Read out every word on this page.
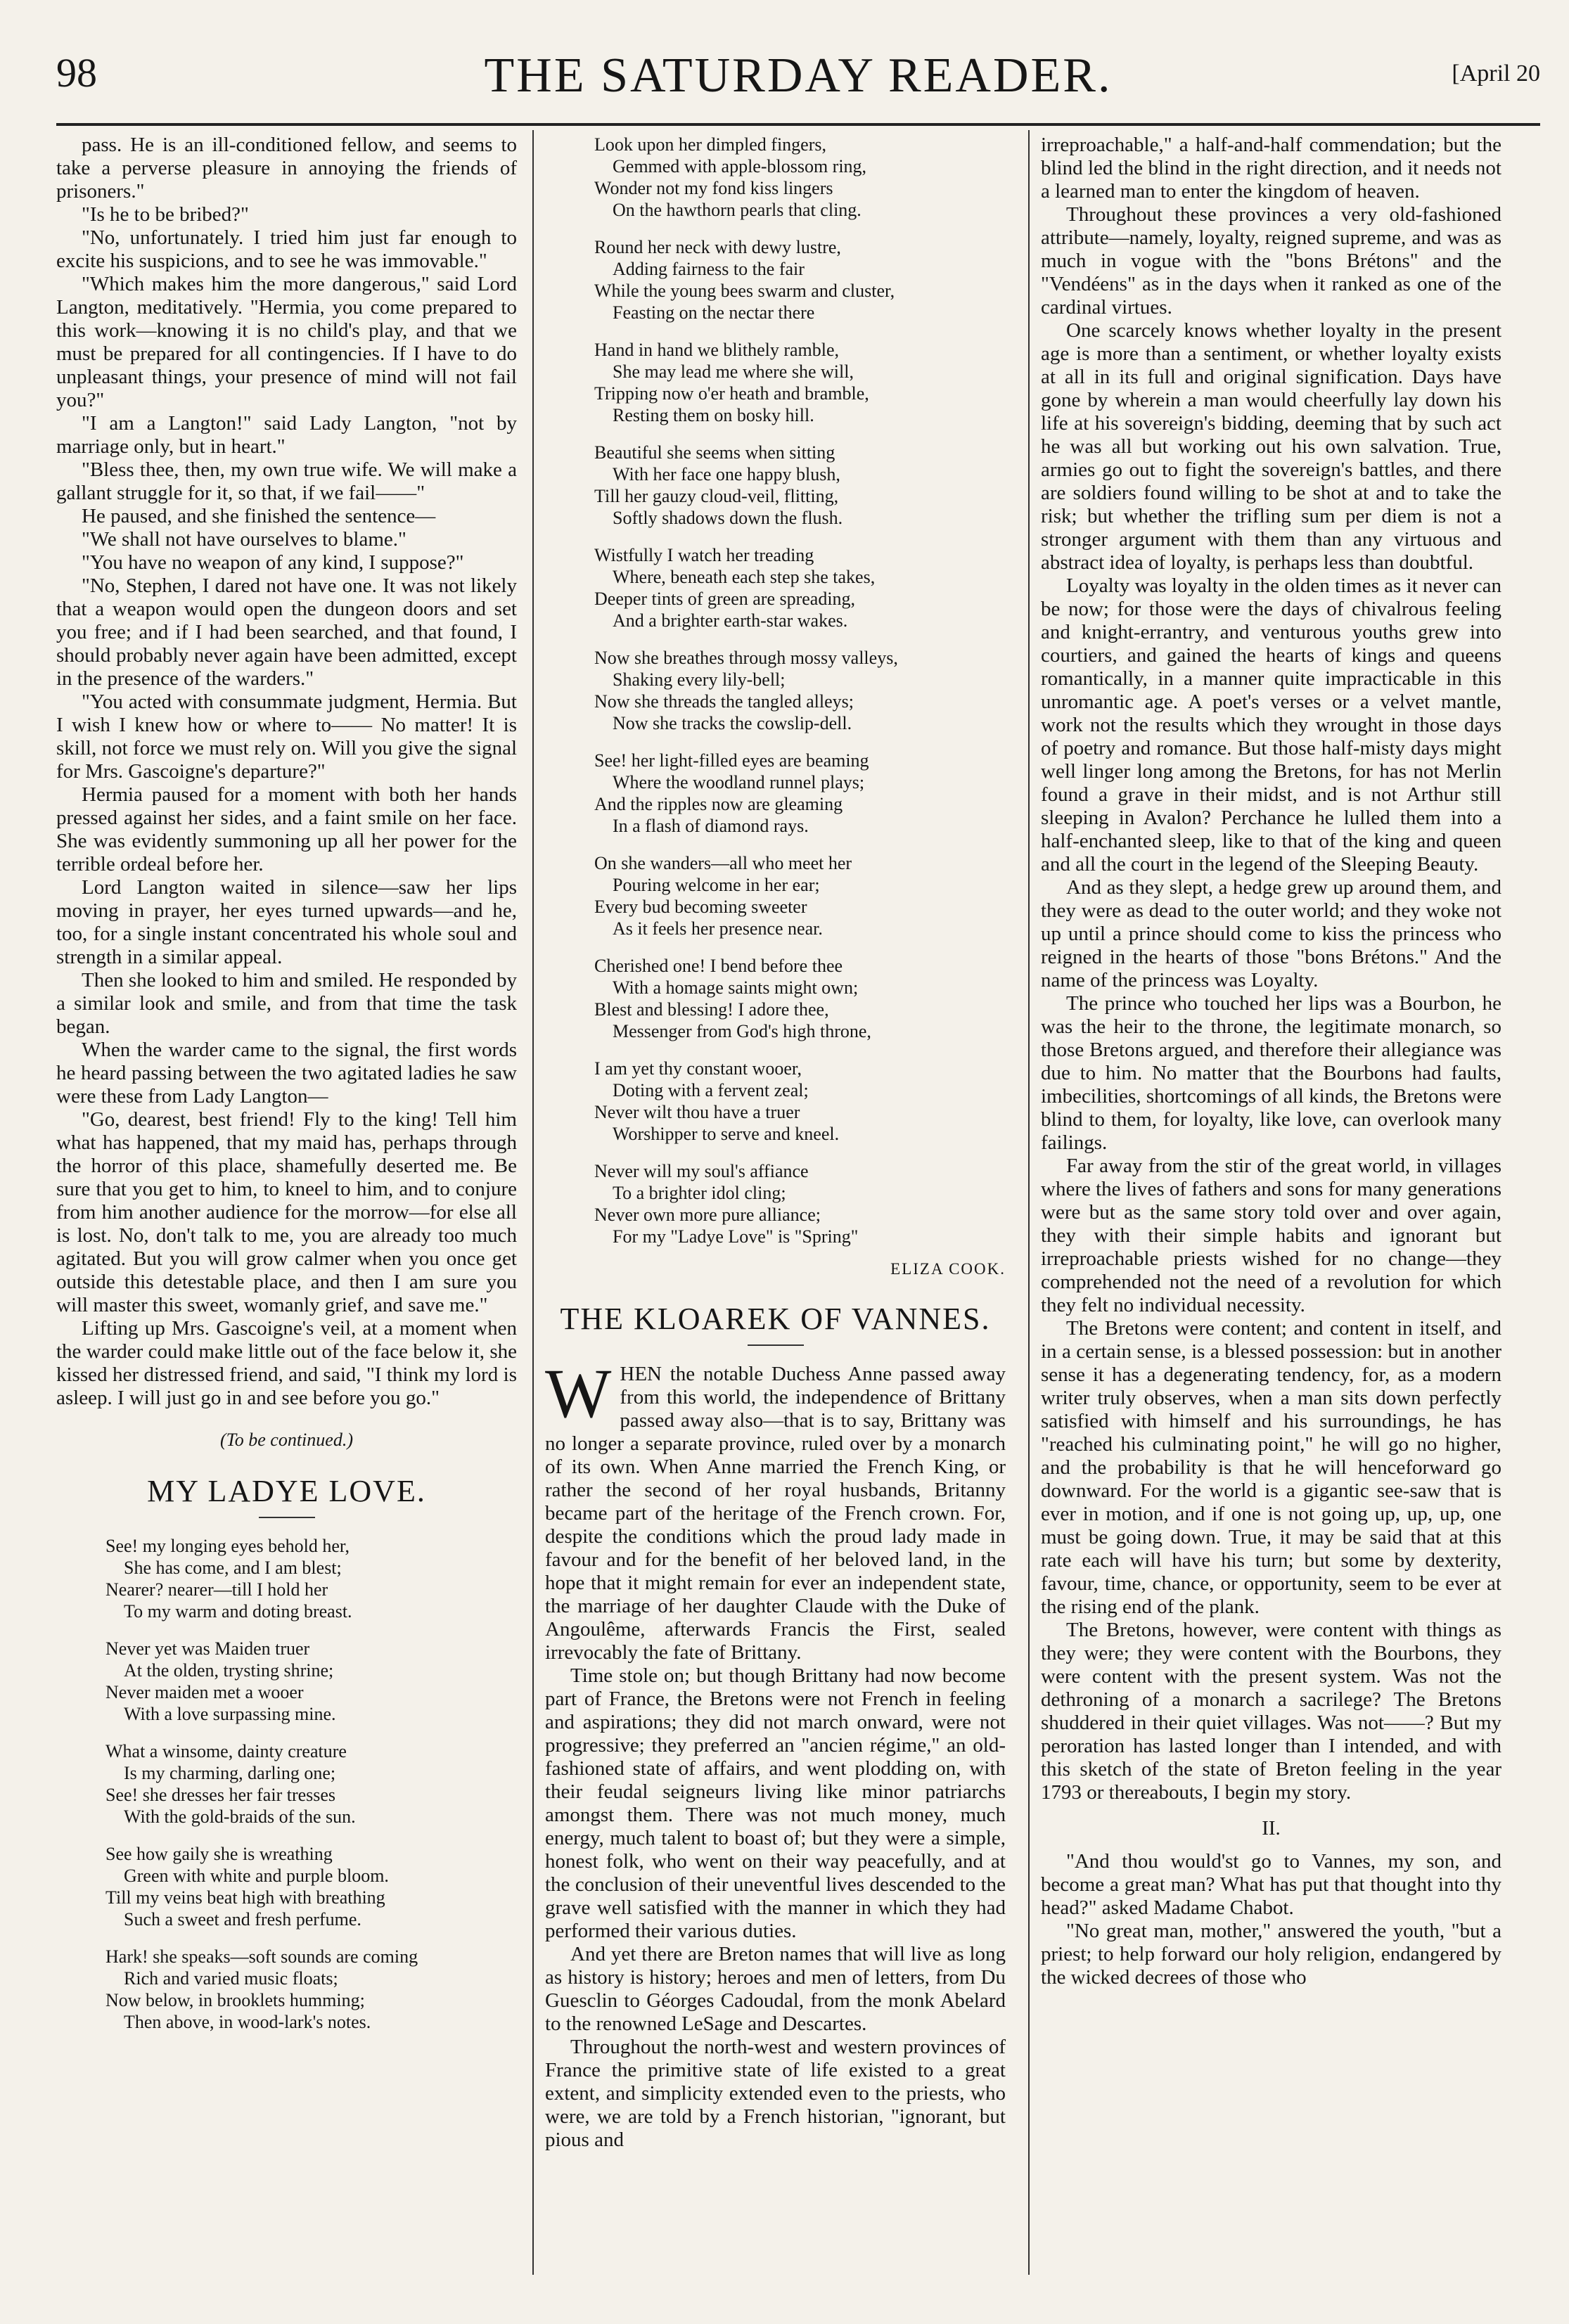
98	THE SATURDAY READER.	[April 20

pass. He is an ill-conditioned fellow, and seems to take a perverse pleasure in annoying the friends of prisoners."

"Is he to be bribed?"

"No, unfortunately. I tried him just far enough to excite his suspicions, and to see he was immovable."

"Which makes him the more dangerous," said Lord Langton, meditatively. "Hermia, you come prepared to this work—knowing it is no child's play, and that we must be prepared for all contingencies. If I have to do unpleasant things, your presence of mind will not fail you?"

"I am a Langton!" said Lady Langton, "not by marriage only, but in heart."

"Bless thee, then, my own true wife. We will make a gallant struggle for it, so that, if we fail——"

He paused, and she finished the sentence—

"We shall not have ourselves to blame."

"You have no weapon of any kind, I suppose?"

"No, Stephen, I dared not have one. It was not likely that a weapon would open the dungeon doors and set you free; and if I had been searched, and that found, I should probably never again have been admitted, except in the presence of the warders."

"You acted with consummate judgment, Hermia. But I wish I knew how or where to—— No matter! It is skill, not force we must rely on. Will you give the signal for Mrs. Gascoigne's departure?"

Hermia paused for a moment with both her hands pressed against her sides, and a faint smile on her face. She was evidently summoning up all her power for the terrible ordeal before her.

Lord Langton waited in silence—saw her lips moving in prayer, her eyes turned upwards—and he, too, for a single instant concentrated his whole soul and strength in a similar appeal.

Then she looked to him and smiled. He responded by a similar look and smile, and from that time the task began.

When the warder came to the signal, the first words he heard passing between the two agitated ladies he saw were these from Lady Langton—

"Go, dearest, best friend! Fly to the king! Tell him what has happened, that my maid has, perhaps through the horror of this place, shamefully deserted me. Be sure that you get to him, to kneel to him, and to conjure from him another audience for the morrow—for else all is lost. No, don't talk to me, you are already too much agitated. But you will grow calmer when you once get outside this detestable place, and then I am sure you will master this sweet, womanly grief, and save me."

Lifting up Mrs. Gascoigne's veil, at a moment when the warder could make little out of the face below it, she kissed her distressed friend, and said, "I think my lord is asleep. I will just go in and see before you go."

(To be continued.)
MY LADYE LOVE.
See! my longing eyes behold her,
She has come, and I am blest;
Nearer? nearer—till I hold her
To my warm and doting breast.
Never yet was Maiden truer
At the olden, trysting shrine;
Never maiden met a wooer
With a love surpassing mine.
What a winsome, dainty creature
Is my charming, darling one;
See! she dresses her fair tresses
With the gold-braids of the sun.
See how gaily she is wreathing
Green with white and purple bloom.
Till my veins beat high with breathing
Such a sweet and fresh perfume.
Hark! she speaks—soft sounds are coming
Rich and varied music floats;
Now below, in brooklets humming;
Then above, in wood-lark's notes.
Look upon her dimpled fingers,
Gemmed with apple-blossom ring,
Wonder not my fond kiss lingers
On the hawthorn pearls that cling.
Round her neck with dewy lustre,
Adding fairness to the fair
While the young bees swarm and cluster,
Feasting on the nectar there
Hand in hand we blithely ramble,
She may lead me where she will,
Tripping now o'er heath and bramble,
Resting them on bosky hill.
Beautiful she seems when sitting
With her face one happy blush,
Till her gauzy cloud-veil, flitting,
Softly shadows down the flush.
Wistfully I watch her treading
Where, beneath each step she takes,
Deeper tints of green are spreading,
And a brighter earth-star wakes.
Now she breathes through mossy valleys,
Shaking every lily-bell;
Now she threads the tangled alleys;
Now she tracks the cowslip-dell.
See! her light-filled eyes are beaming
Where the woodland runnel plays;
And the ripples now are gleaming
In a flash of diamond rays.
On she wanders—all who meet her
Pouring welcome in her ear;
Every bud becoming sweeter
As it feels her presence near.
Cherished one! I bend before thee
With a homage saints might own;
Blest and blessing! I adore thee,
Messenger from God's high throne,
I am yet thy constant wooer,
Doting with a fervent zeal;
Never wilt thou have a truer
Worshipper to serve and kneel.
Never will my soul's affiance
To a brighter idol cling;
Never own more pure alliance;
For my "Ladye Love" is "Spring"
ELIZA COOK.
THE KLOAREK OF VANNES.

WHEN the notable Duchess Anne passed away from this world, the independence of Brittany passed away also—that is to say, Brittany was no longer a separate province, ruled over by a monarch of its own. When Anne married the French King, or rather the second of her royal husbands, Britanny became part of the heritage of the French crown. For, despite the conditions which the proud lady made in favour and for the benefit of her beloved land, in the hope that it might remain for ever an independent state, the marriage of her daughter Claude with the Duke of Angoulême, afterwards Francis the First, sealed irrevocably the fate of Brittany.

Time stole on; but though Brittany had now become part of France, the Bretons were not French in feeling and aspirations; they did not march onward, were not progressive; they preferred an "ancien régime," an old-fashioned state of affairs, and went plodding on, with their feudal seigneurs living like minor patriarchs amongst them. There was not much money, much energy, much talent to boast of; but they were a simple, honest folk, who went on their way peacefully, and at the conclusion of their uneventful lives descended to the grave well satisfied with the manner in which they had performed their various duties.

And yet there are Breton names that will live as long as history is history; heroes and men of letters, from Du Guesclin to Géorges Cadoudal, from the monk Abelard to the renowned LeSage and Descartes.

Throughout the north-west and western provinces of France the primitive state of life existed to a great extent, and simplicity extended even to the priests, who were, we are told by a French historian, "ignorant, but pious and

irreproachable," a half-and-half commendation; but the blind led the blind in the right direction, and it needs not a learned man to enter the kingdom of heaven.

Throughout these provinces a very old-fashioned attribute—namely, loyalty, reigned supreme, and was as much in vogue with the "bons Brétons" and the "Vendéens" as in the days when it ranked as one of the cardinal virtues.

One scarcely knows whether loyalty in the present age is more than a sentiment, or whether loyalty exists at all in its full and original signification. Days have gone by wherein a man would cheerfully lay down his life at his sovereign's bidding, deeming that by such act he was all but working out his own salvation. True, armies go out to fight the sovereign's battles, and there are soldiers found willing to be shot at and to take the risk; but whether the trifling sum per diem is not a stronger argument with them than any virtuous and abstract idea of loyalty, is perhaps less than doubtful.

Loyalty was loyalty in the olden times as it never can be now; for those were the days of chivalrous feeling and knight-errantry, and venturous youths grew into courtiers, and gained the hearts of kings and queens romantically, in a manner quite impracticable in this unromantic age. A poet's verses or a velvet mantle, work not the results which they wrought in those days of poetry and romance. But those half-misty days might well linger long among the Bretons, for has not Merlin found a grave in their midst, and is not Arthur still sleeping in Avalon? Perchance he lulled them into a half-enchanted sleep, like to that of the king and queen and all the court in the legend of the Sleeping Beauty.

And as they slept, a hedge grew up around them, and they were as dead to the outer world; and they woke not up until a prince should come to kiss the princess who reigned in the hearts of those "bons Brétons." And the name of the princess was Loyalty.

The prince who touched her lips was a Bourbon, he was the heir to the throne, the legitimate monarch, so those Bretons argued, and therefore their allegiance was due to him. No matter that the Bourbons had faults, imbecilities, shortcomings of all kinds, the Bretons were blind to them, for loyalty, like love, can overlook many failings.

Far away from the stir of the great world, in villages where the lives of fathers and sons for many generations were but as the same story told over and over again, they with their simple habits and ignorant but irreproachable priests wished for no change—they comprehended not the need of a revolution for which they felt no individual necessity.

The Bretons were content; and content in itself, and in a certain sense, is a blessed possession: but in another sense it has a degenerating tendency, for, as a modern writer truly observes, when a man sits down perfectly satisfied with himself and his surroundings, he has "reached his culminating point," he will go no higher, and the probability is that he will henceforward go downward. For the world is a gigantic see-saw that is ever in motion, and if one is not going up, up, up, one must be going down. True, it may be said that at this rate each will have his turn; but some by dexterity, favour, time, chance, or opportunity, seem to be ever at the rising end of the plank.

The Bretons, however, were content with things as they were; they were content with the Bourbons, they were content with the present system. Was not the dethroning of a monarch a sacrilege? The Bretons shuddered in their quiet villages. Was not——? But my peroration has lasted longer than I intended, and with this sketch of the state of Breton feeling in the year 1793 or thereabouts, I begin my story.

II.

"And thou would'st go to Vannes, my son, and become a great man? What has put that thought into thy head?" asked Madame Chabot.

"No great man, mother," answered the youth, "but a priest; to help forward our holy religion, endangered by the wicked decrees of those who
